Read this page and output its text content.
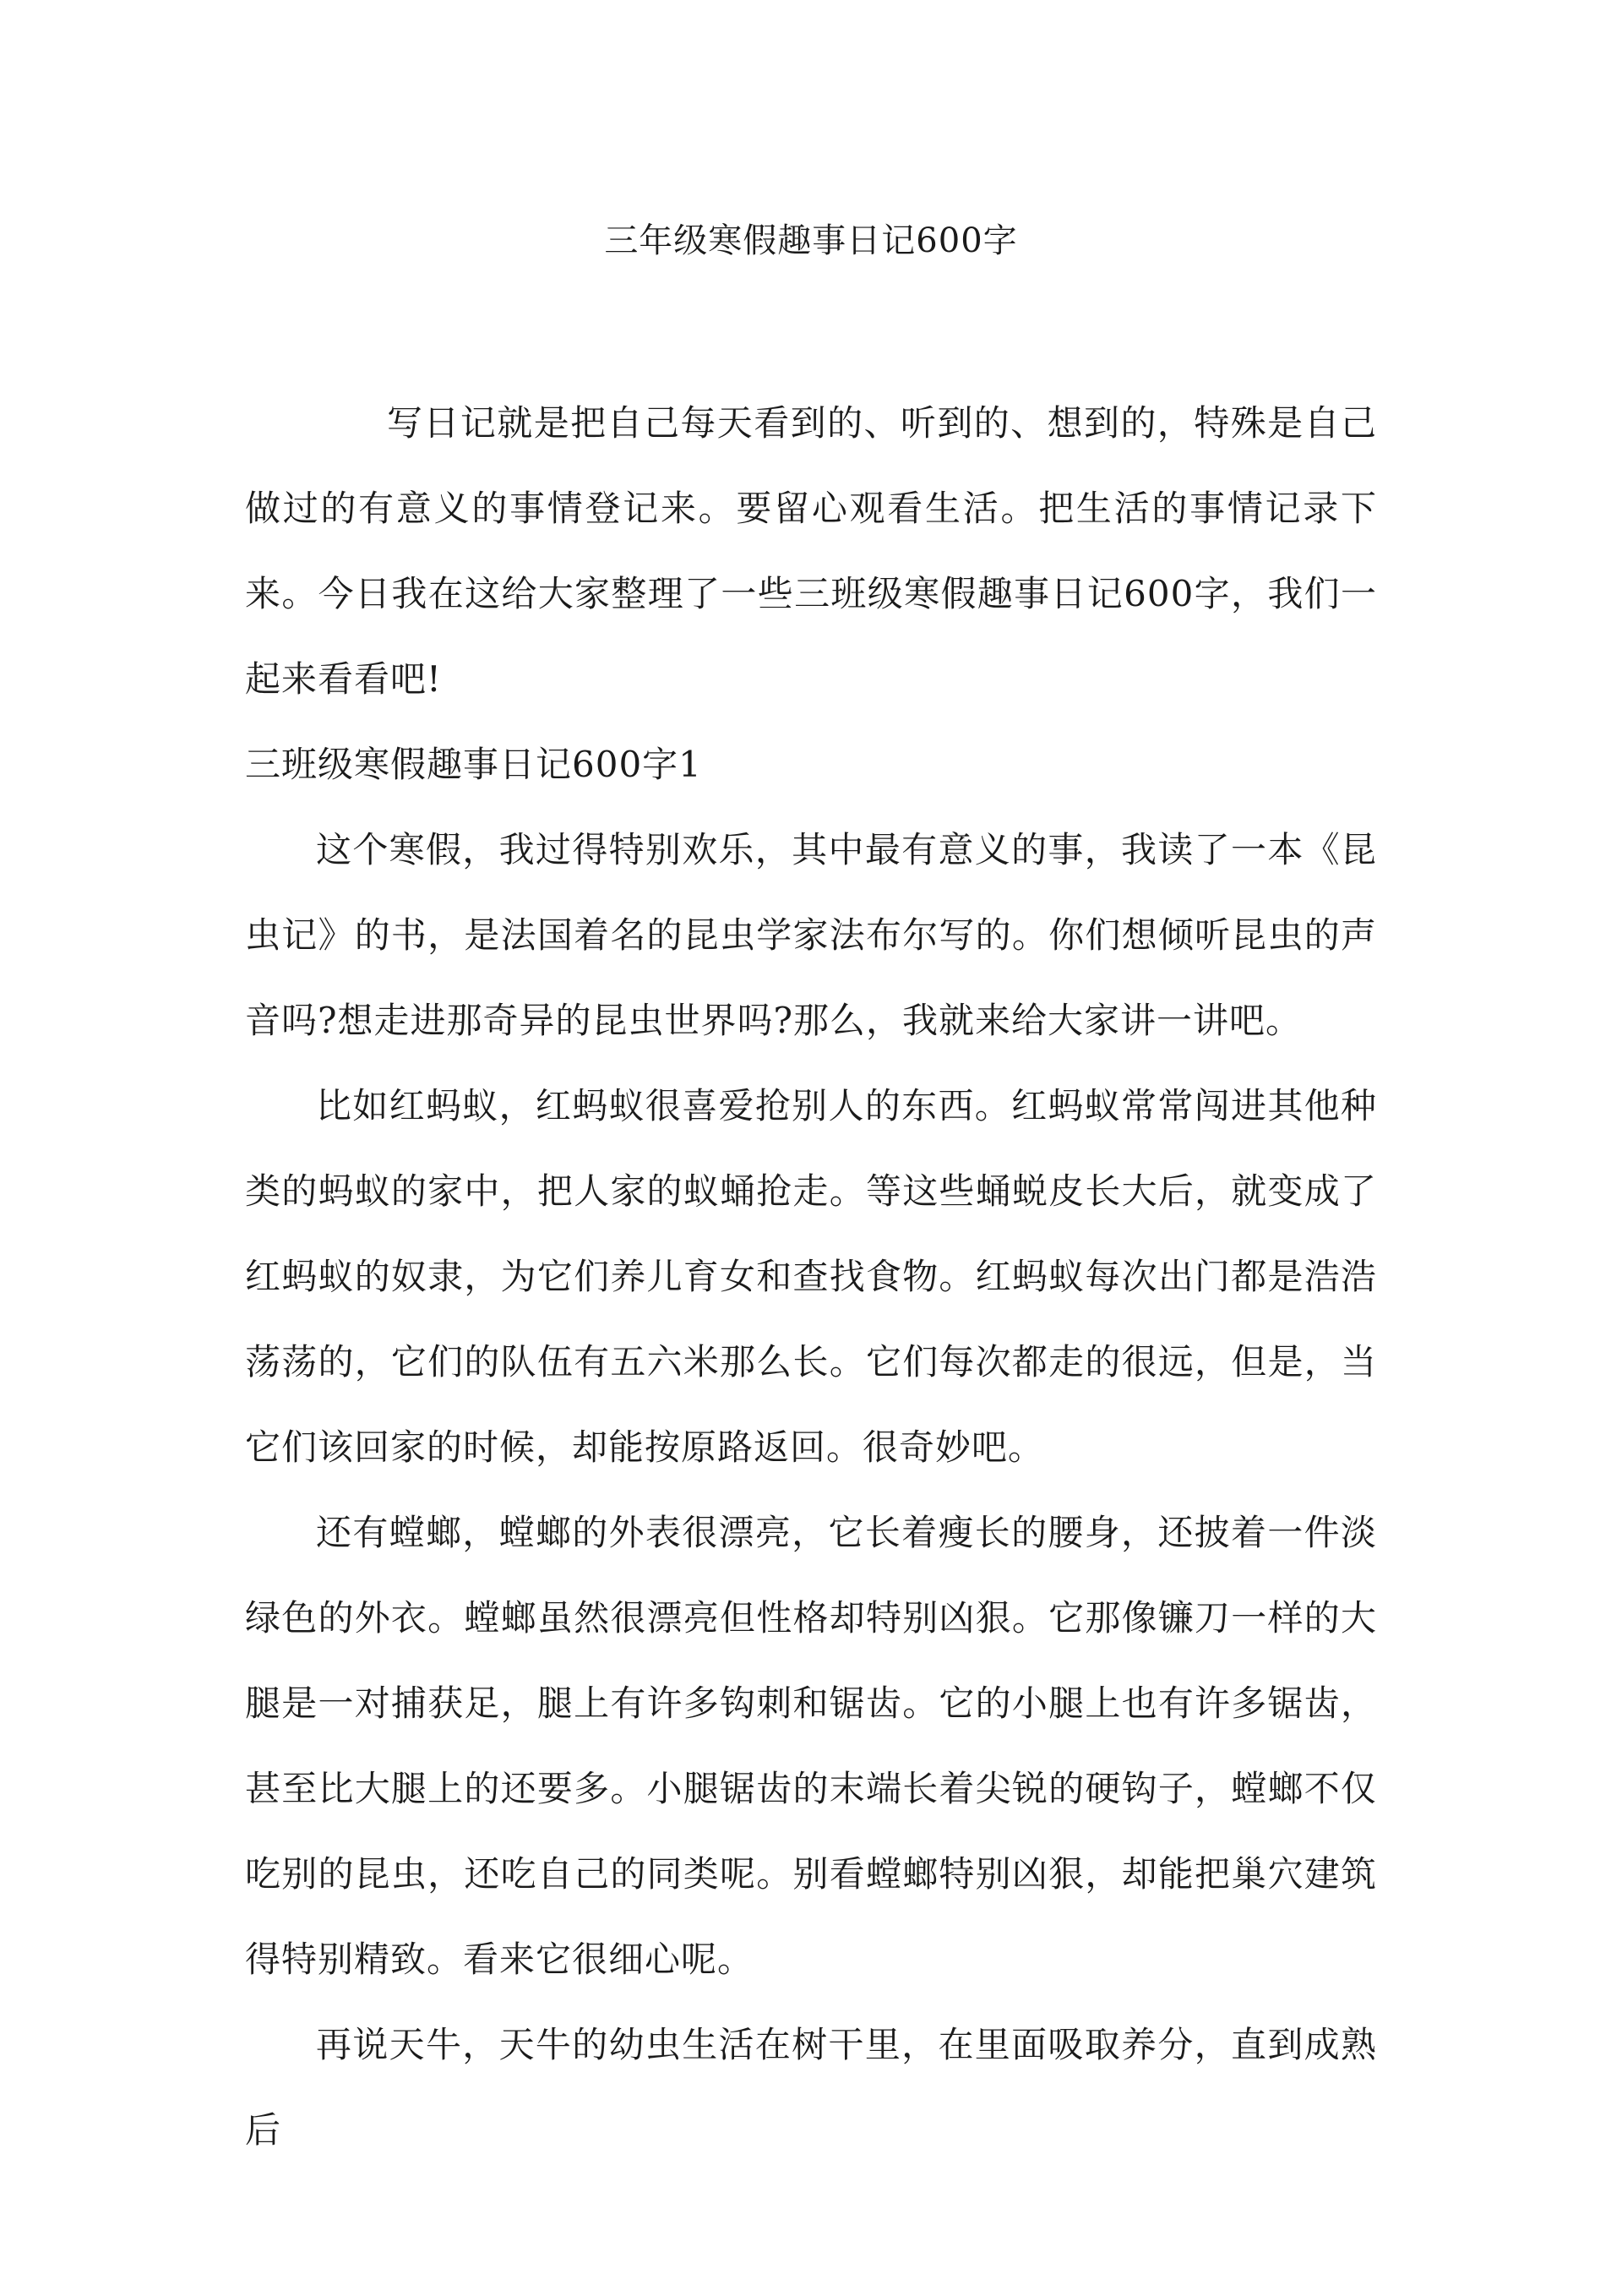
三年级寒假趣事日记600字

写日记就是把自己每天看到的、听到的、想到的，特殊是自己做过的有意义的事情登记来。要留心观看生活。把生活的事情记录下来。今日我在这给大家整理了一些三班级寒假趣事日记600字，我们一起来看看吧!

三班级寒假趣事日记600字1

这个寒假，我过得特别欢乐，其中最有意义的事，我读了一本《昆虫记》的书，是法国着名的昆虫学家法布尔写的。你们想倾听昆虫的声音吗?想走进那奇异的昆虫世界吗?那么，我就来给大家讲一讲吧。

比如红蚂蚁，红蚂蚁很喜爱抢别人的东西。红蚂蚁常常闯进其他种类的蚂蚁的家中，把人家的蚁蛹抢走。等这些蛹蜕皮长大后，就变成了红蚂蚁的奴隶，为它们养儿育女和查找食物。红蚂蚁每次出门都是浩浩荡荡的，它们的队伍有五六米那么长。它们每次都走的很远，但是，当它们该回家的时候，却能按原路返回。很奇妙吧。

还有螳螂，螳螂的外表很漂亮，它长着瘦长的腰身，还披着一件淡绿色的外衣。螳螂虽然很漂亮但性格却特别凶狠。它那像镰刀一样的大腿是一对捕获足，腿上有许多钩刺和锯齿。它的小腿上也有许多锯齿，甚至比大腿上的还要多。小腿锯齿的末端长着尖锐的硬钩子，螳螂不仅吃别的昆虫，还吃自己的同类呢。别看螳螂特别凶狠，却能把巢穴建筑得特别精致。看来它很细心呢。

再说天牛，天牛的幼虫生活在树干里，在里面吸取养分，直到成熟后
